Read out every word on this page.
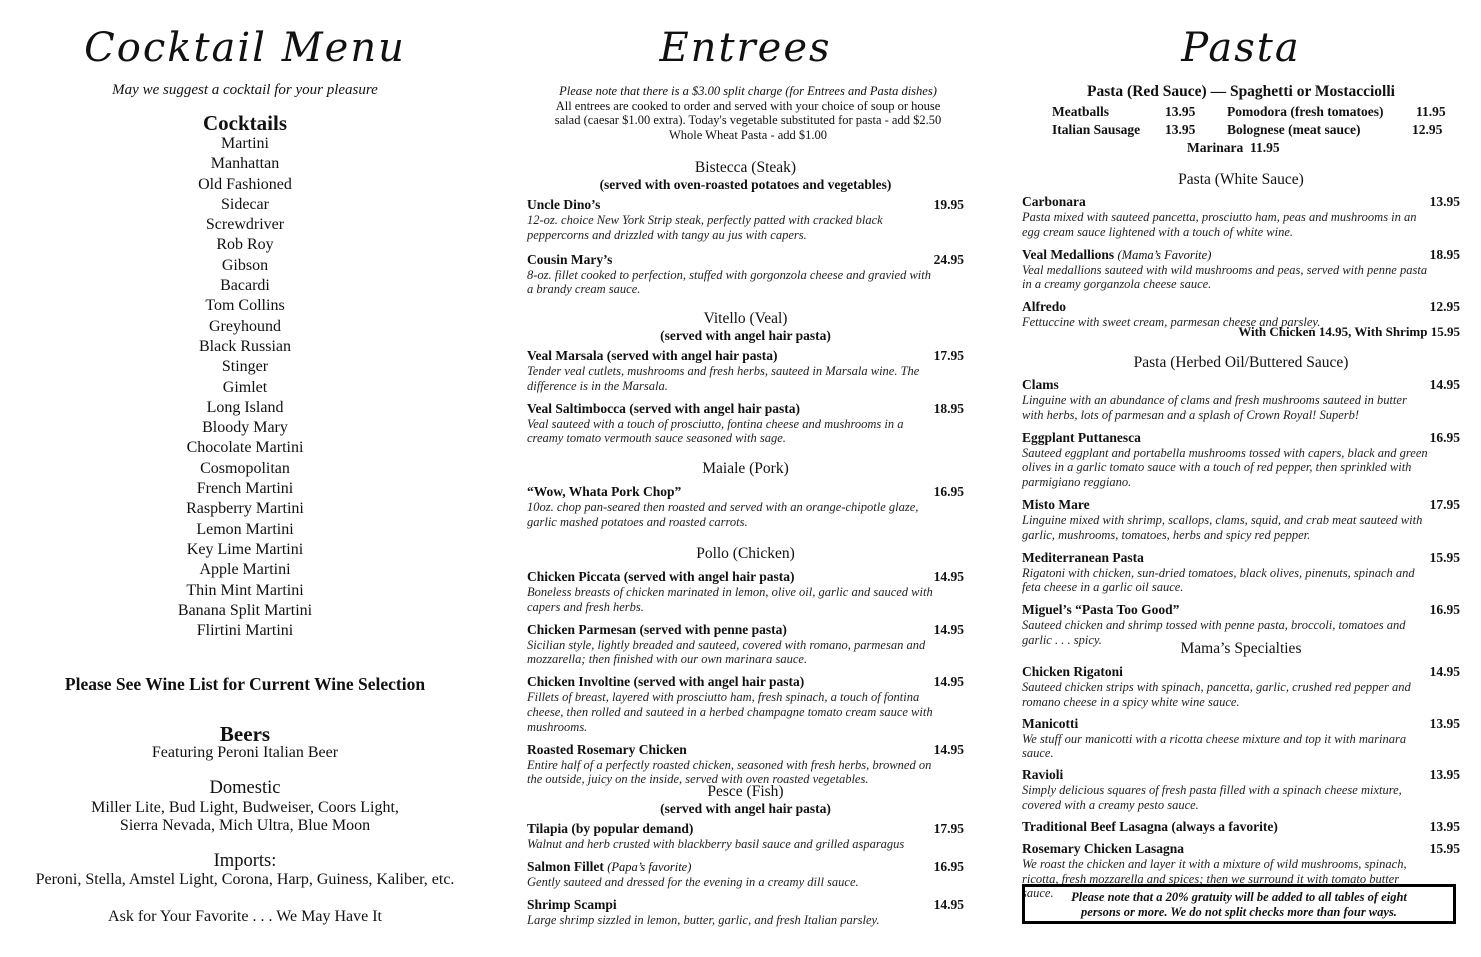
Cocktail Menu
May we suggest a cocktail for your pleasure
Cocktails
Martini
Manhattan
Old Fashioned
Sidecar
Screwdriver
Rob Roy
Gibson
Bacardi
Tom Collins
Greyhound
Black Russian
Stinger
Gimlet
Long Island
Bloody Mary
Chocolate Martini
Cosmopolitan
French Martini
Raspberry Martini
Lemon Martini
Key Lime Martini
Apple Martini
Thin Mint Martini
Banana Split Martini
Flirtini Martini
Please See Wine List for Current Wine Selection
Beers
Featuring Peroni Italian Beer
Domestic
Miller Lite, Bud Light, Budweiser, Coors Light,
Sierra Nevada, Mich Ultra, Blue Moon
Imports:
Peroni, Stella, Amstel Light, Corona, Harp, Guiness, Kaliber, etc.
Ask for Your Favorite . . . We May Have It
Entrees
Please note that there is a $3.00 split charge (for Entrees and Pasta dishes)
All entrees are cooked to order and served with your choice of soup or house
salad (caesar $1.00 extra). Today's vegetable substituted for pasta - add $2.50
Whole Wheat Pasta - add $1.00
Bistecca (Steak)
(served with oven-roasted potatoes and vegetables)
Uncle Dino’s	19.95
12-oz. choice New York Strip steak, perfectly patted with cracked black peppercorns and drizzled with tangy au jus with capers.
Cousin Mary’s	24.95
8-oz. fillet cooked to perfection, stuffed with gorgonzola cheese and gravied with a brandy cream sauce.
Vitello (Veal)
(served with angel hair pasta)
Veal Marsala (served with angel hair pasta)	17.95
Tender veal cutlets, mushrooms and fresh herbs, sauteed in Marsala wine. The difference is in the Marsala.
Veal Saltimbocca (served with angel hair pasta)	18.95
Veal sauteed with a touch of prosciutto, fontina cheese and mushrooms in a creamy tomato vermouth sauce seasoned with sage.
Maiale (Pork)
“Wow, Whata Pork Chop”	16.95
10oz. chop pan-seared then roasted and served with an orange-chipotle glaze, garlic mashed potatoes and roasted carrots.
Pollo (Chicken)
Chicken Piccata (served with angel hair pasta)	14.95
Boneless breasts of chicken marinated in lemon, olive oil, garlic and sauced with capers and fresh herbs.
Chicken Parmesan (served with penne pasta)	14.95
Sicilian style, lightly breaded and sauteed, covered with romano, parmesan and mozzarella; then finished with our own marinara sauce.
Chicken Involtine (served with angel hair pasta)	14.95
Fillets of breast, layered with prosciutto ham, fresh spinach, a touch of fontina cheese, then rolled and sauteed in a herbed champagne tomato cream sauce with mushrooms.
Roasted Rosemary Chicken	14.95
Entire half of a perfectly roasted chicken, seasoned with fresh herbs, browned on the outside, juicy on the inside, served with oven roasted vegetables.
Pesce (Fish)
(served with angel hair pasta)
Tilapia (by popular demand)	17.95
Walnut and herb crusted with blackberry basil sauce and grilled asparagus
Salmon Fillet (Papa’s favorite)	16.95
Gently sauteed and dressed for the evening in a creamy dill sauce.
Shrimp Scampi	14.95
Large shrimp sizzled in lemon, butter, garlic, and fresh Italian parsley.
Pasta
Pasta (Red Sauce) — Spaghetti or Mostacciolli
Meatballs	13.95 Pomodora (fresh tomatoes) 11.95
Italian Sausage 13.95 Bolognese (meat sauce)	12.95
Marinara 11.95
Pasta (White Sauce)
Carbonara	13.95
Pasta mixed with sauteed pancetta, prosciutto ham, peas and mushrooms in an egg cream sauce lightened with a touch of white wine.
Veal Medallions (Mama’s Favorite)	18.95
Veal medallions sauteed with wild mushrooms and peas, served with penne pasta in a creamy gorganzola cheese sauce.
Alfredo	12.95
Fettuccine with sweet cream, parmesan cheese and parsley.
With Chicken 14.95, With Shrimp 15.95
Pasta (Herbed Oil/Buttered Sauce)
Clams	14.95
Linguine with an abundance of clams and fresh mushrooms sauteed in butter with herbs, lots of parmesan and a splash of Crown Royal! Superb!
Eggplant Puttanesca	16.95
Sauteed eggplant and portabella mushrooms tossed with capers, black and green olives in a garlic tomato sauce with a touch of red pepper, then sprinkled with parmigiano reggiano.
Misto Mare	17.95
Linguine mixed with shrimp, scallops, clams, squid, and crab meat sauteed with garlic, mushrooms, tomatoes, herbs and spicy red pepper.
Mediterranean Pasta	15.95
Rigatoni with chicken, sun-dried tomatoes, black olives, pinenuts, spinach and feta cheese in a garlic oil sauce.
Miguel’s “Pasta Too Good”	16.95
Sauteed chicken and shrimp tossed with penne pasta, broccoli, tomatoes and garlic . . . spicy.
Mama’s Specialties
Chicken Rigatoni	14.95
Sauteed chicken strips with spinach, pancetta, garlic, crushed red pepper and romano cheese in a spicy white wine sauce.
Manicotti	13.95
We stuff our manicotti with a ricotta cheese mixture and top it with marinara sauce.
Ravioli	13.95
Simply delicious squares of fresh pasta filled with a spinach cheese mixture, covered with a creamy pesto sauce.
Traditional Beef Lasagna (always a favorite)	13.95
Rosemary Chicken Lasagna	15.95
We roast the chicken and layer it with a mixture of wild mushrooms, spinach, ricotta, fresh mozzarella and spices; then we surround it with tomato butter sauce.	Please note that a 20% gratuity will be added to all tables of eight
persons or more. We do not split checks more than four ways.
